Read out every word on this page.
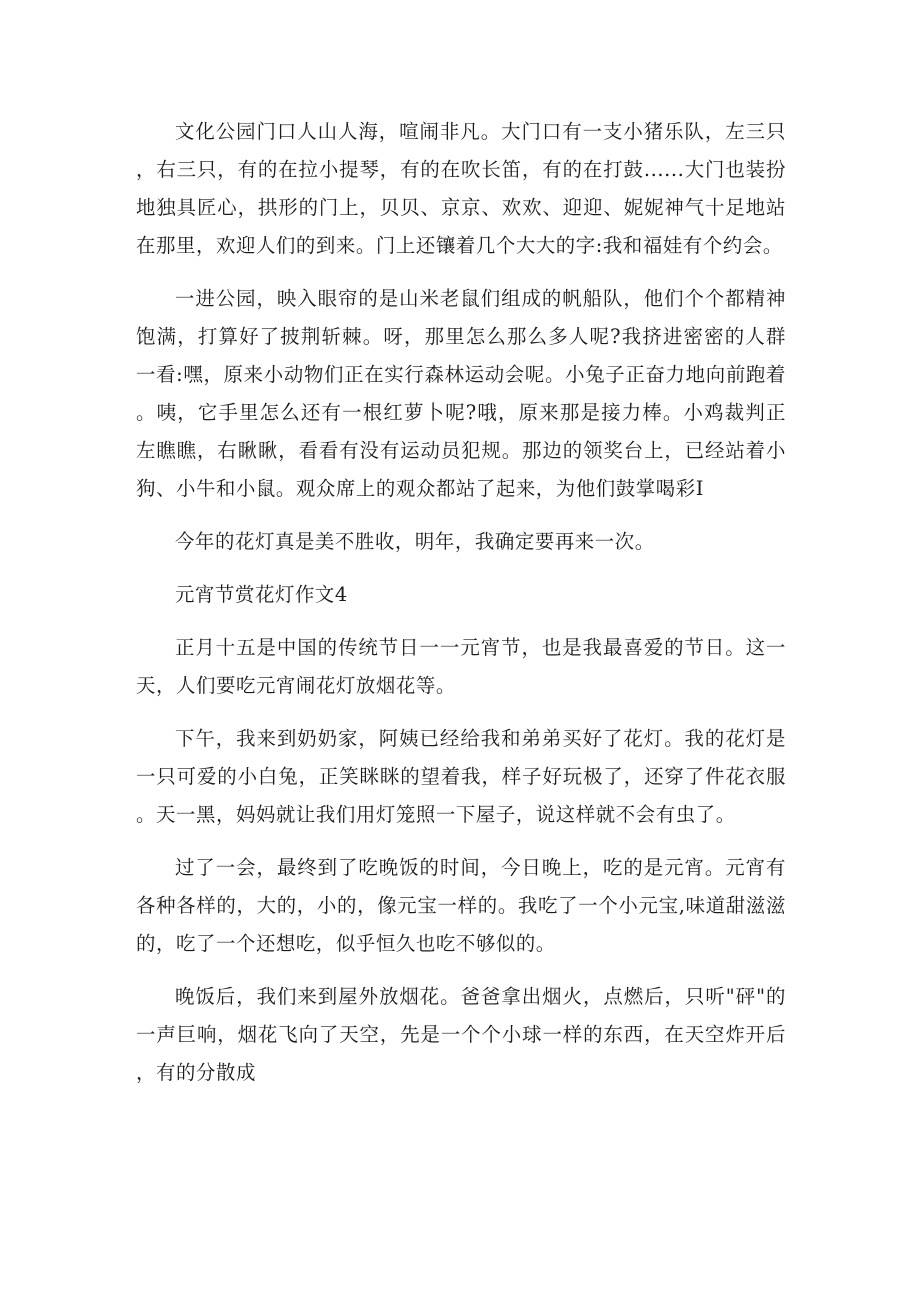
文化公园门口人山人海，喧闹非凡。大门口有一支小猪乐队，左三只，右三只，有的在拉小提琴，有的在吹长笛，有的在打鼓......大门也装扮地独具匠心，拱形的门上，贝贝、京京、欢欢、迎迎、妮妮神气十足地站在那里，欢迎人们的到来。门上还镶着几个大大的字:我和福娃有个约会。

一进公园，映入眼帘的是山米老鼠们组成的帆船队，他们个个都精神饱满，打算好了披荆斩棘。呀，那里怎么那么多人呢?我挤进密密的人群一看:嘿，原来小动物们正在实行森林运动会呢。小兔子正奋力地向前跑着。咦，它手里怎么还有一根红萝卜呢?哦，原来那是接力棒。小鸡裁判正左瞧瞧，右瞅瞅，看看有没有运动员犯规。那边的领奖台上，已经站着小狗、小牛和小鼠。观众席上的观众都站了起来，为他们鼓掌喝彩I

今年的花灯真是美不胜收，明年，我确定要再来一次。

元宵节赏花灯作文4

正月十五是中国的传统节日一一元宵节，也是我最喜爱的节日。这一天，人们要吃元宵闹花灯放烟花等。

下午，我来到奶奶家，阿姨已经给我和弟弟买好了花灯。我的花灯是一只可爱的小白兔，正笑眯眯的望着我，样子好玩极了，还穿了件花衣服。天一黑，妈妈就让我们用灯笼照一下屋子，说这样就不会有虫了。

过了一会，最终到了吃晚饭的时间，今日晚上，吃的是元宵。元宵有各种各样的，大的，小的，像元宝一样的。我吃了一个小元宝,味道甜滋滋的，吃了一个还想吃，似乎恒久也吃不够似的。

晚饭后，我们来到屋外放烟花。爸爸拿出烟火，点燃后，只听"砰"的一声巨响，烟花飞向了天空，先是一个个小球一样的东西，在天空炸开后，有的分散成
